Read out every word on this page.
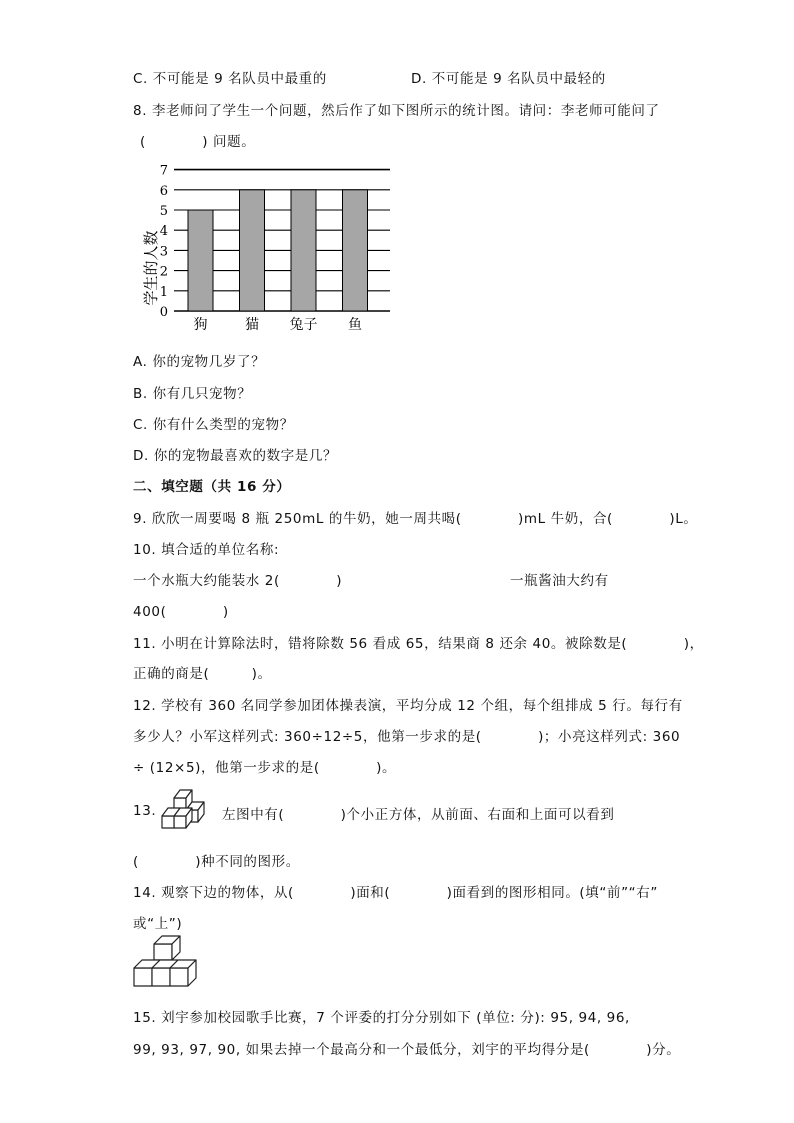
C. 不可能是 9 名队员中最重的	D. 不可能是 9 名队员中最轻的
8. 李老师问了学生一个问题，然后作了如下图所示的统计图。请问：李老师可能问了
(　　　　) 问题。
0
1
2
3
4
5
6
7
狗	猫 兔子 鱼
学生的人数
A. 你的宠物几岁了？
B. 你有几只宠物？
C. 你有什么类型的宠物？
D. 你的宠物最喜欢的数字是几？
二、填空题（共 16 分）
9. 欣欣一周要喝 8 瓶 250mL 的牛奶，她一周共喝(　　　　)mL 牛奶，合(　　　　)L。
10. 填合适的单位名称:
一个水瓶大约能装水 2(　　　　)	一瓶酱油大约有
400(　　　　)
11. 小明在计算除法时，错将除数 56 看成 65，结果商 8 还余 40。被除数是(　　　　)，
正确的商是(　　　)。
12. 学校有 360 名同学参加团体操表演，平均分成 12 个组，每个组排成 5 行。每行有
多少人？小军这样列式: 360÷12÷5，他第一步求的是(　　　　)；小亮这样列式: 360
÷ (12×5)，他第一步求的是(　　　　)。
13.	左图中有(　　　　)个小正方体，从前面、右面和上面可以看到
(　　　　)种不同的图形。
14. 观察下边的物体，从(　　　　)面和(　　　　)面看到的图形相同。(填“前”“右”
或“上”)
15. 刘宇参加校园歌手比赛，7 个评委的打分分别如下 (单位: 分): 95, 94, 96,
99, 93, 97, 90, 如果去掉一个最高分和一个最低分，刘宇的平均得分是(　　　　)分。
